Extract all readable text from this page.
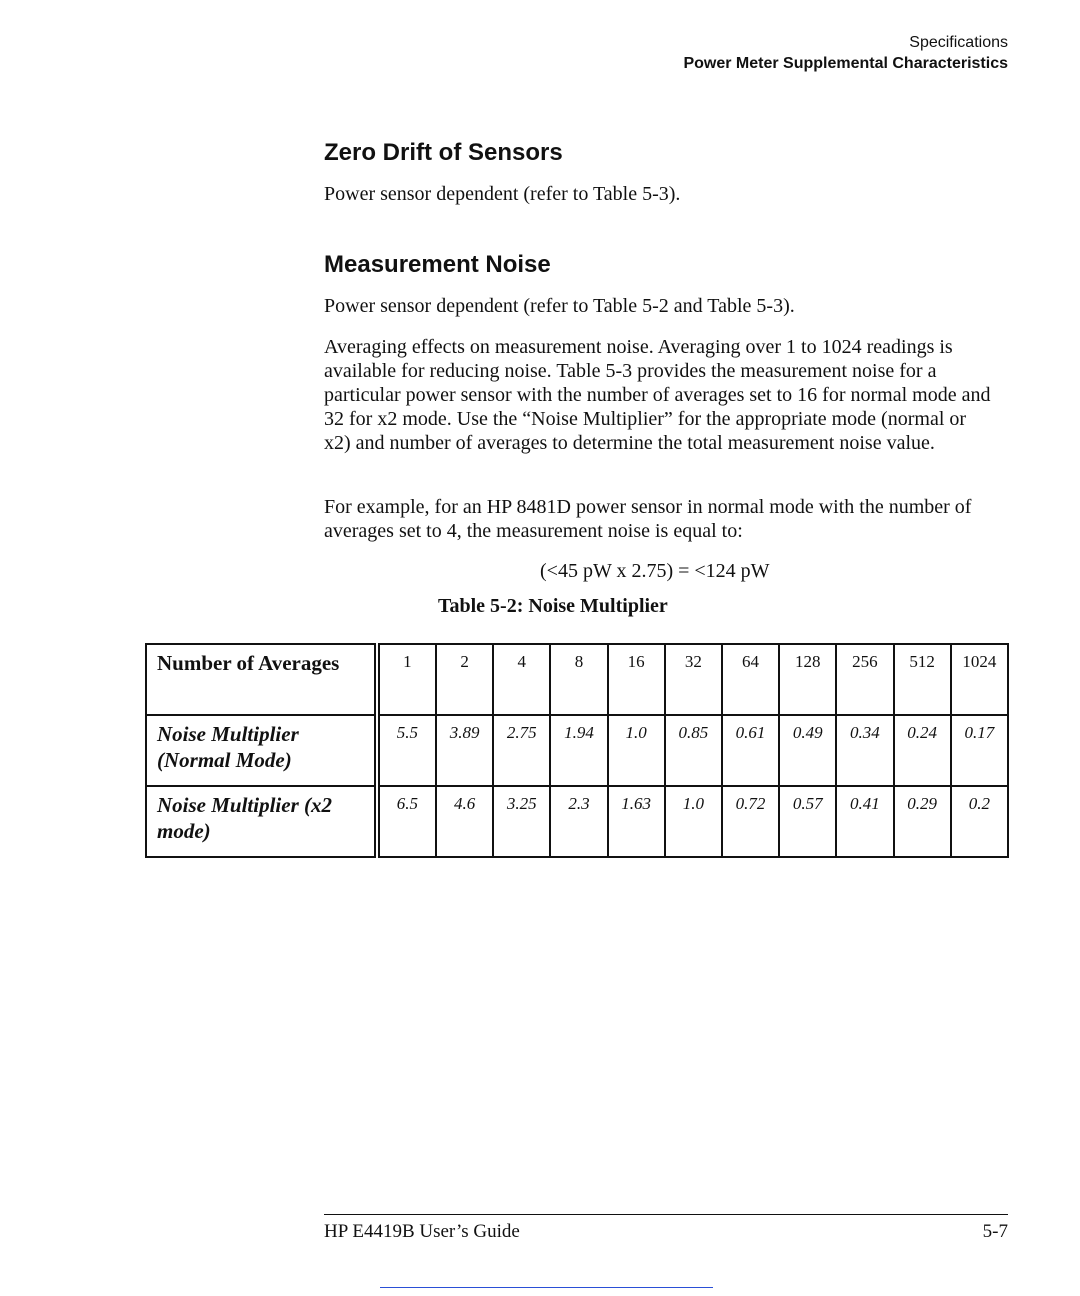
Specifications
Power Meter Supplemental Characteristics
Zero Drift of Sensors

Power sensor dependent (refer to Table 5-3).

Measurement Noise

Power sensor dependent (refer to Table 5-2 and Table 5-3).

Averaging effects on measurement noise. Averaging over 1 to 1024 readings is available for reducing noise. Table 5-3 provides the measurement noise for a particular power sensor with the number of averages set to 16 for normal mode and 32 for x2 mode. Use the “Noise Multiplier” for the appropriate mode (normal or x2) and number of averages to determine the total measurement noise value.

For example, for an HP 8481D power sensor in normal mode with the number of averages set to 4, the measurement noise is equal to:

(<45 pW x 2.75) = <124 pW
Table 5-2: Noise Multiplier
Number of Averages	1	2	4	8	16	32	64	128	256	512	1024
Noise Multiplier (Normal Mode)	5.5	3.89	2.75	1.94	1.0	0.85	0.61	0.49	0.34	0.24	0.17
Noise Multiplier (x2 mode)	6.5	4.6	3.25	2.3	1.63	1.0	0.72	0.57	0.41	0.29	0.2
HP E4419B User’s Guide	5-7
